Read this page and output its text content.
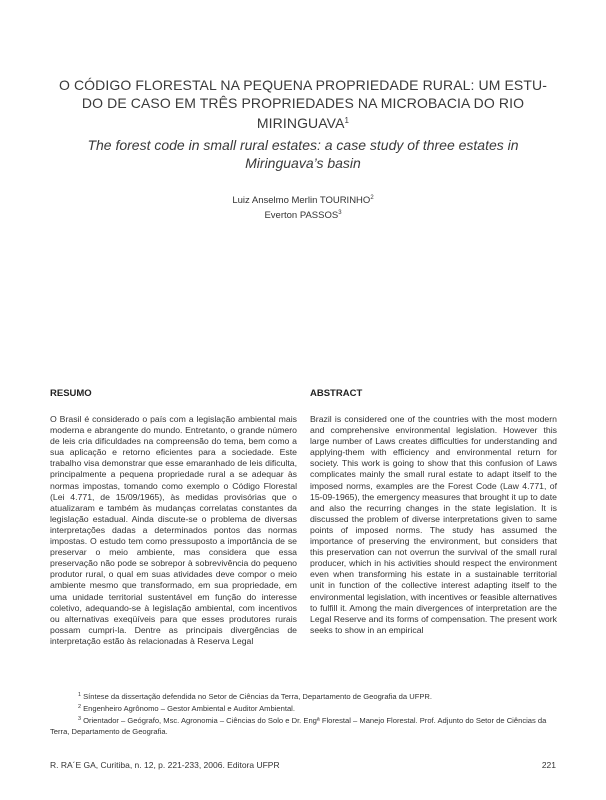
O CÓDIGO FLORESTAL NA PEQUENA PROPRIEDADE RURAL: UM ESTU-
DO DE CASO EM TRÊS PROPRIEDADES NA MICROBACIA DO RIO
MIRINGUAVA$^1$
The forest code in small rural estates: a case study of three estates in
Miringuava’s basin
Luiz Anselmo Merlin TOURINHO$^2$
Everton PASSOS$^3$
RESUMO

O Brasil é considerado o país com a legislação ambiental mais moderna e abrangente do mundo. Entretanto, o grande número de leis cria dificuldades na compreensão do tema, bem como a sua aplicação e retorno eficientes para a sociedade. Este trabalho visa demonstrar que esse emaranhado de leis dificulta, principalmente a pequena propriedade rural a se adequar às normas impostas, tomando como exemplo o Código Florestal (Lei 4.771, de 15/09/1965), às medidas provisórias que o atualizaram e também às mudanças correlatas constantes da legislação estadual. Ainda discute-se o problema de diversas interpretações dadas a determinados pontos das normas impostas. O estudo tem como pressuposto a importância de se preservar o meio ambiente, mas considera que essa preservação não pode se sobrepor à sobrevivência do pequeno produtor rural, o qual em suas atividades deve compor o meio ambiente mesmo que transformado, em sua propriedade, em uma unidade territorial sustentável em função do interesse coletivo, adequando-se à legislação ambiental, com incentivos ou alternativas exeqüíveis para que esses produtores rurais possam cumpri-la. Dentre as principais divergências de interpretação estão às relacionadas à Reserva Legal

ABSTRACT

Brazil is considered one of the countries with the most modern and comprehensive environmental legislation. However this large number of Laws creates difficulties for understanding and applying-them with efficiency and environmental return for society. This work is going to show that this confusion of Laws complicates mainly the small rural estate to adapt itself to the imposed norms, examples are the Forest Code (Law 4.771, of 15-09-1965), the emergency measures that brought it up to date and also the recurring changes in the state legislation. It is discussed the problem of diverse interpretations given to same points of imposed norms. The study has assumed the importance of preserving the environment, but considers that this preservation can not overrun the survival of the small rural producer, which in his activities should respect the environment even when transforming his estate in a sustainable territorial unit in function of the collective interest adapting itself to the environmental legislation, with incentives or feasible alternatives to fulfill it. Among the main divergences of interpretation are the Legal Reserve and its forms of compensation. The present work seeks to show in an empirical

$^1$ Síntese da dissertação defendida no Setor de Ciências da Terra, Departamento de Geografia da UFPR.

$^2$ Engenheiro Agrônomo – Gestor Ambiental e Auditor Ambiental.

$^3$ Orientador – Geógrafo, Msc. Agronomia – Ciências do Solo e Dr. Engª Florestal – Manejo Florestal. Prof. Adjunto do Setor de Ciências da Terra, Departamento de Geografia.

R. RA´E GA, Curitiba, n. 12, p. 221-233, 2006. Editora UFPR	221
